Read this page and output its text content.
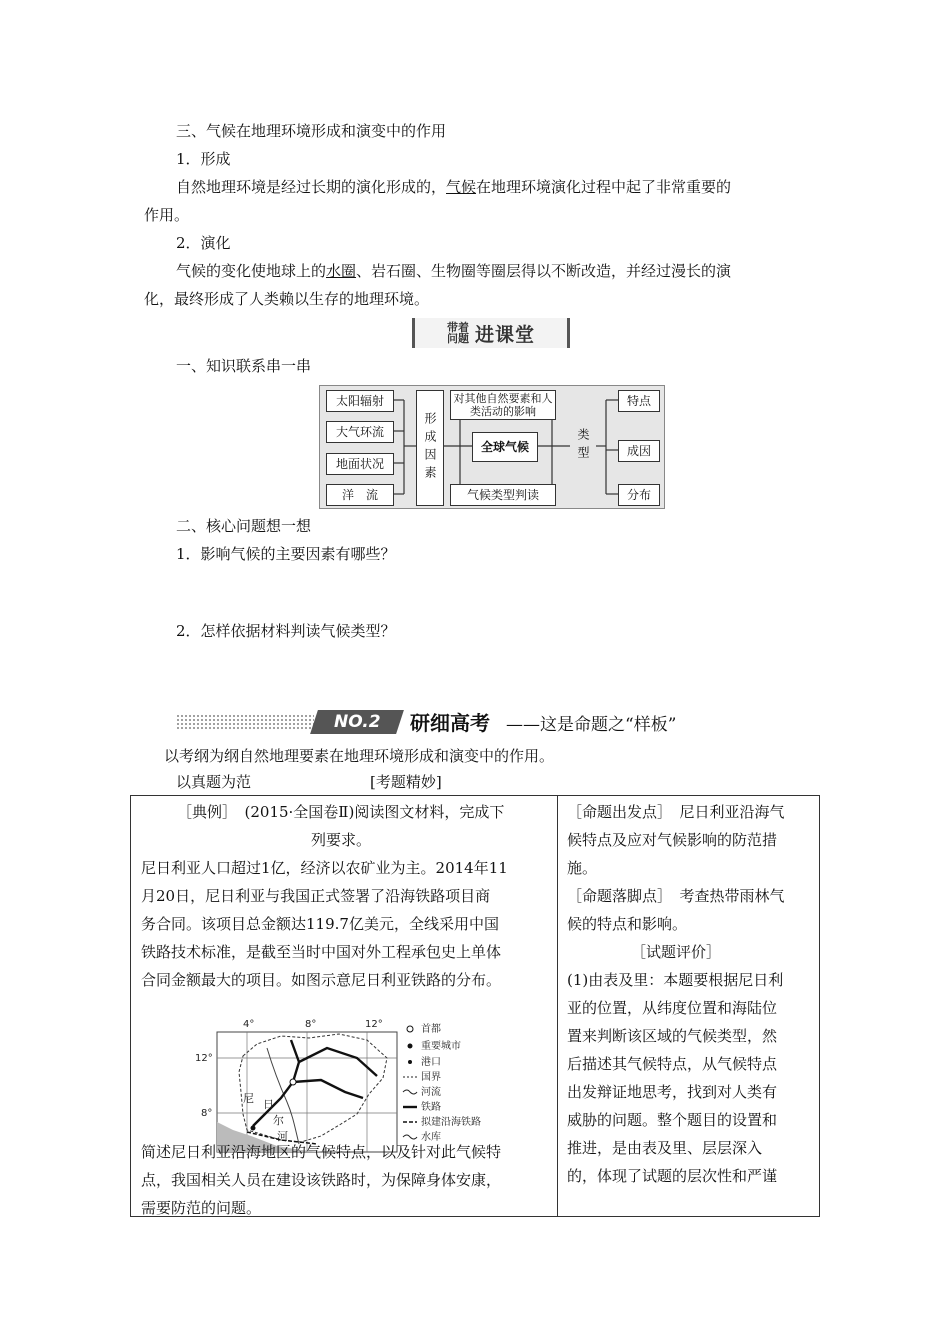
三、气候在地理环境形成和演变中的作用
1．形成
自然地理环境是经过长期的演化形成的，气候在地理环境演化过程中起了非常重要的
作用。
2．演化
气候的变化使地球上的水圈、岩石圈、生物圈等圈层得以不断改造，并经过漫长的演
化，最终形成了人类赖以生存的地理环境。
带着
问题 进课堂
一、知识联系串一串
太阳辐射
大气环流
地面状况
洋　流
形成因素
对其他自然要素和人类活动的影响
全球气候
气候类型判读
类型
特点
成因
分布
二、核心问题想一想
1．影响气候的主要因素有哪些？
2．怎样依据材料判读气候类型？
NO.2 研细高考 ——这是命题之“样板”
以考纲为纲自然地理要素在地理环境形成和演变中的作用。
以真题为范	[考题精妙]
［典例］　(2015·全国卷Ⅱ)阅读图文材料，完成下
列要求。
尼日利亚人口超过1亿，经济以农矿业为主。2014年11
月20日，尼日利亚与我国正式签署了沿海铁路项目商
务合同。该项目总金额达119.7亿美元，全线采用中国
铁路技术标准，是截至当时中国对外工程承包史上单体
合同金额最大的项目。如图示意尼日利亚铁路的分布。
4°	8°	12°
12°
8°
尼 日
尔
河
首都
重要城市
港口
国界
河流
铁路
拟建沿海铁路
水库
简述尼日利亚沿海地区的气候特点，以及针对此气候特
点，我国相关人员在建设该铁路时，为保障身体安康，
需要防范的问题。
［命题出发点］　尼日利亚沿海气
候特点及应对气候影响的防范措
施。
［命题落脚点］　考查热带雨林气
候的特点和影响。
［试题评价］
(1)由表及里：本题要根据尼日利
亚的位置，从纬度位置和海陆位
置来判断该区域的气候类型，然
后描述其气候特点，从气候特点
出发辩证地思考，找到对人类有
威胁的问题。整个题目的设置和
推进，是由表及里、层层深入
的，体现了试题的层次性和严谨
